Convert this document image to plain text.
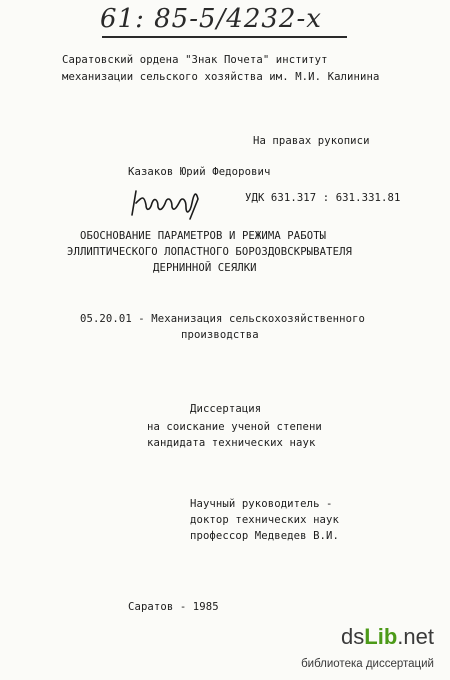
61: 85-5/4232-x
Саратовский ордена "Знак Почета" институт
механизации сельского хозяйства им. М.И. Калинина
На правах рукописи
Казаков Юрий Федорович
УДК 631.317 : 631.331.81
ОБОСНОВАНИЕ ПАРАМЕТРОВ И РЕЖИМА РАБОТЫ
ЭЛЛИПТИЧЕСКОГО ЛОПАСТНОГО БОРОЗДОВСКРЫВАТЕЛЯ
ДЕРНИННОЙ СЕЯЛКИ
05.20.01 - Механизация сельскохозяйственного
производства
Диссертация
на соискание ученой степени
кандидата технических наук
Научный руководитель -
доктор технических наук
профессор Медведев В.И.
Саратов - 1985
dsLib.net
библиотека диссертаций
